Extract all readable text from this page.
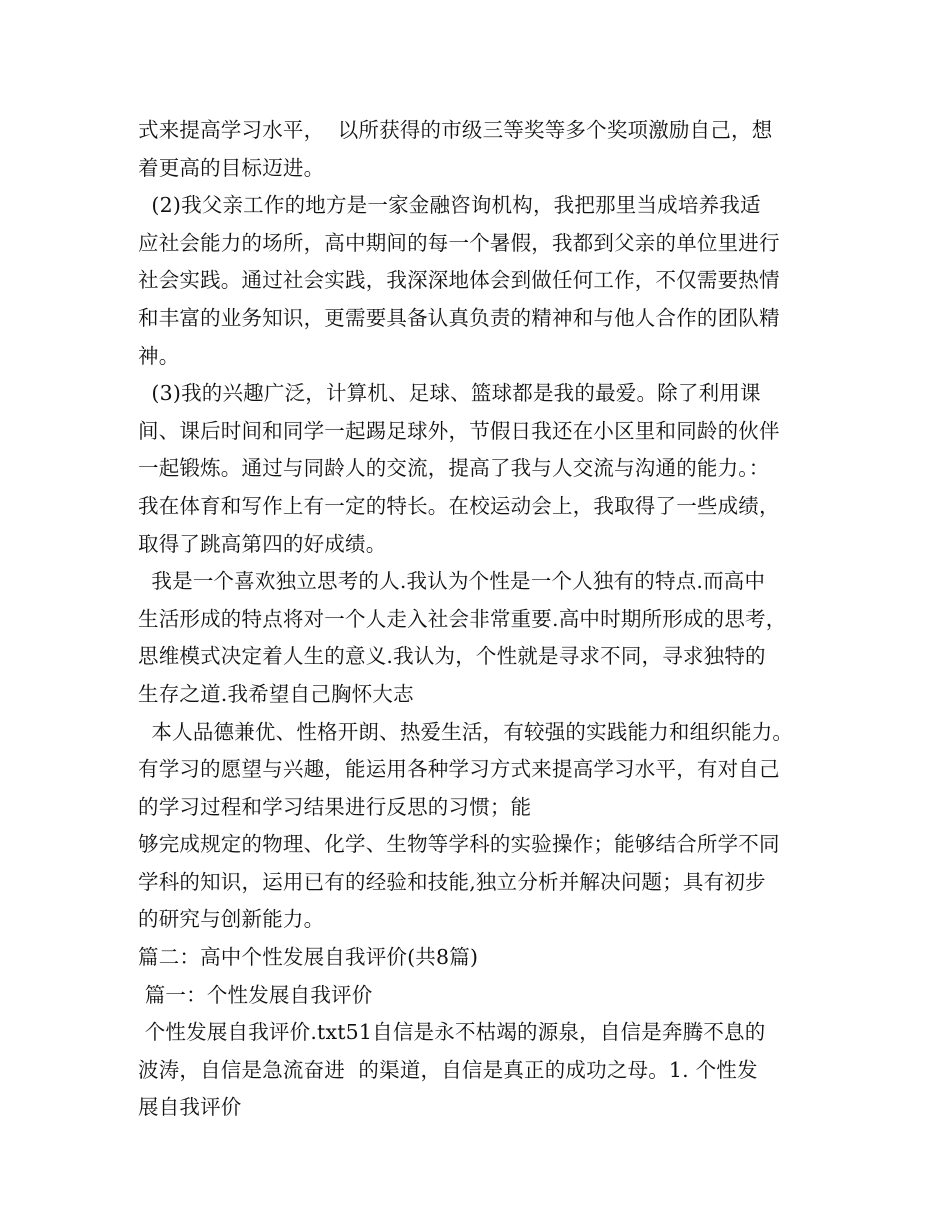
式来提高学习水平，  以所获得的市级三等奖等多个奖项激励自己，想
着更高的目标迈进。
(2)我父亲工作的地方是一家金融咨询机构，我把那里当成培养我适
应社会能力的场所，高中期间的每一个暑假，我都到父亲的单位里进行
社会实践。通过社会实践，我深深地体会到做任何工作，不仅需要热情
和丰富的业务知识，更需要具备认真负责的精神和与他人合作的团队精
神。
(3)我的兴趣广泛，计算机、足球、篮球都是我的最爱。除了利用课
间、课后时间和同学一起踢足球外，节假日我还在小区里和同龄的伙伴
一起锻炼。通过与同龄人的交流，提高了我与人交流与沟通的能力。：
我在体育和写作上有一定的特长。在校运动会上，我取得了一些成绩，
取得了跳高第四的好成绩。
我是一个喜欢独立思考的人.我认为个性是一个人独有的特点.而高中
生活形成的特点将对一个人走入社会非常重要.高中时期所形成的思考，
思维模式决定着人生的意义.我认为，个性就是寻求不同，寻求独特的
生存之道.我希望自己胸怀大志
本人品德兼优、性格开朗、热爱生活，有较强的实践能力和组织能力。
有学习的愿望与兴趣，能运用各种学习方式来提高学习水平，有对自己
的学习过程和学习结果进行反思的习惯；能
够完成规定的物理、化学、生物等学科的实验操作；能够结合所学不同
学科的知识，运用已有的经验和技能,独立分析并解决问题；具有初步
的研究与创新能力。
篇二：高中个性发展自我评价(共8篇)
篇一：个性发展自我评价
个性发展自我评价.txt51自信是永不枯竭的源泉，自信是奔腾不息的
波涛，自信是急流奋进  的渠道，自信是真正的成功之母。1. 个性发
展自我评价
